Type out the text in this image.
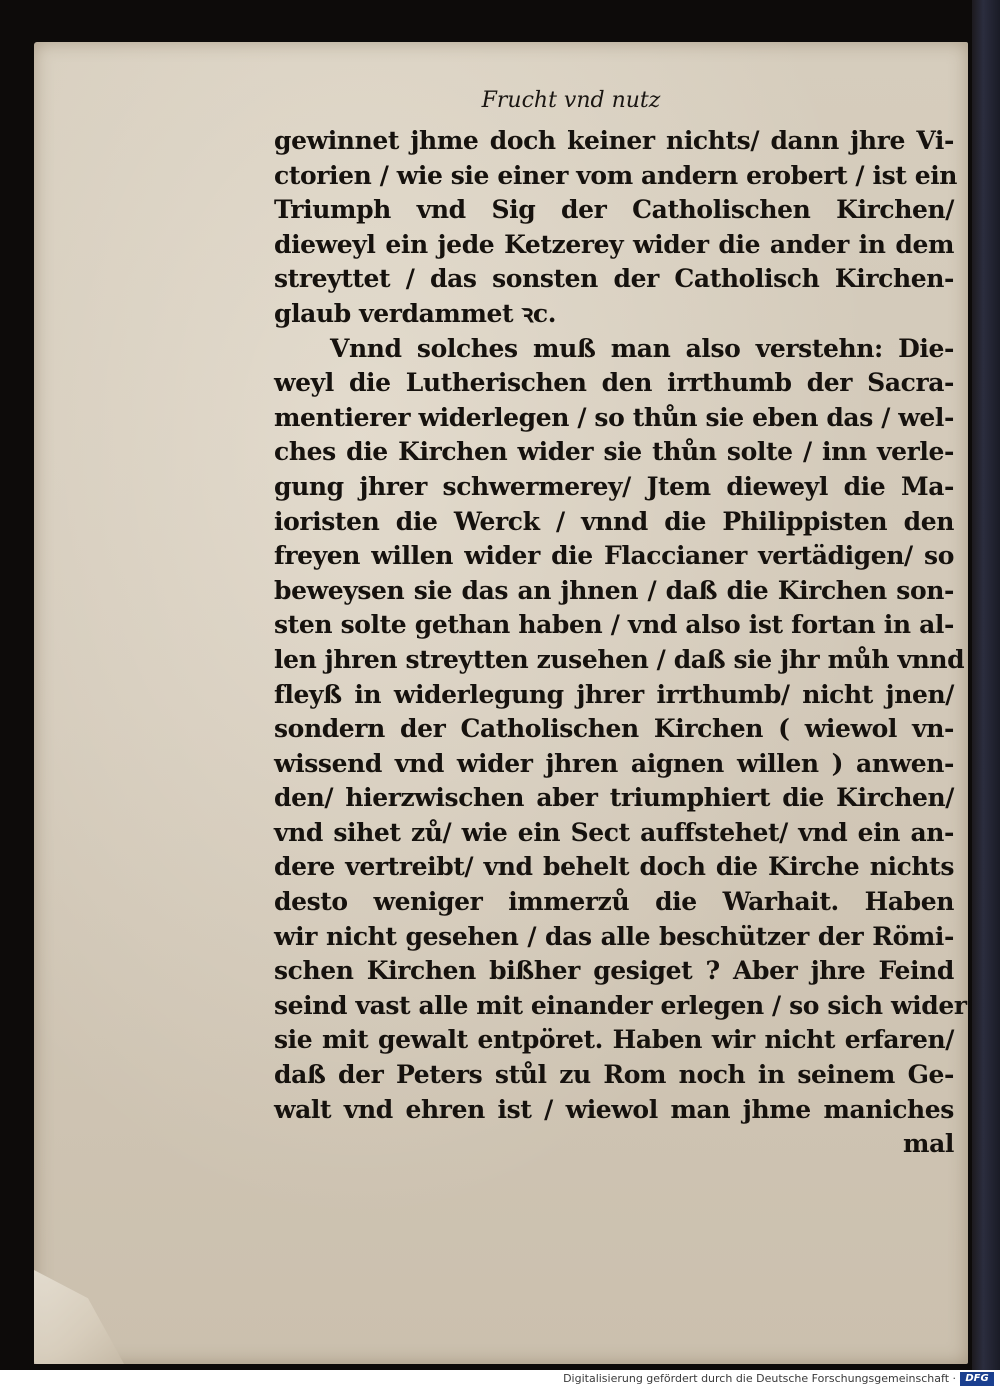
Frucht vnd nutz
gewinnet jhme doch keiner nichts/ dann jhre Vi-
ctorien / wie sie einer vom andern erobert / ist ein
Triumph vnd Sig der Catholischen Kirchen/
dieweyl ein jede Ketzerey wider die ander in dem
streyttet / das sonsten der Catholisch Kirchen-
glaub verdammet ꝛc.
Vnnd solches muß man also verstehn: Die-
weyl die Lutherischen den irrthumb der Sacra-
mentierer widerlegen / so thůn sie eben das / wel-
ches die Kirchen wider sie thůn solte / inn verle-
gung jhrer schwermerey/ Jtem dieweyl die Ma-
ioristen die Werck / vnnd die Philippisten den
freyen willen wider die Flaccianer vertädigen/ so
beweysen sie das an jhnen / daß die Kirchen son-
sten solte gethan haben / vnd also ist fortan in al-
len jhren streytten zusehen / daß sie jhr můh vnnd
fleyß in widerlegung jhrer irrthumb/ nicht jnen/
sondern der Catholischen Kirchen ( wiewol vn-
wissend vnd wider jhren aignen willen ) anwen-
den/ hierzwischen aber triumphiert die Kirchen/
vnd sihet zů/ wie ein Sect auffstehet/ vnd ein an-
dere vertreibt/ vnd behelt doch die Kirche nichts
desto weniger immerzů die Warhait. Haben
wir nicht gesehen / das alle beschützer der Römi-
schen Kirchen bißher gesiget ? Aber jhre Feind
seind vast alle mit einander erlegen / so sich wider
sie mit gewalt entpöret. Haben wir nicht erfaren/
daß der Peters stůl zu Rom noch in seinem Ge-
walt vnd ehren ist / wiewol man jhme maniches
mal
Digitalisierung gefördert durch die Deutsche Forschungsgemeinschaft · DFG
